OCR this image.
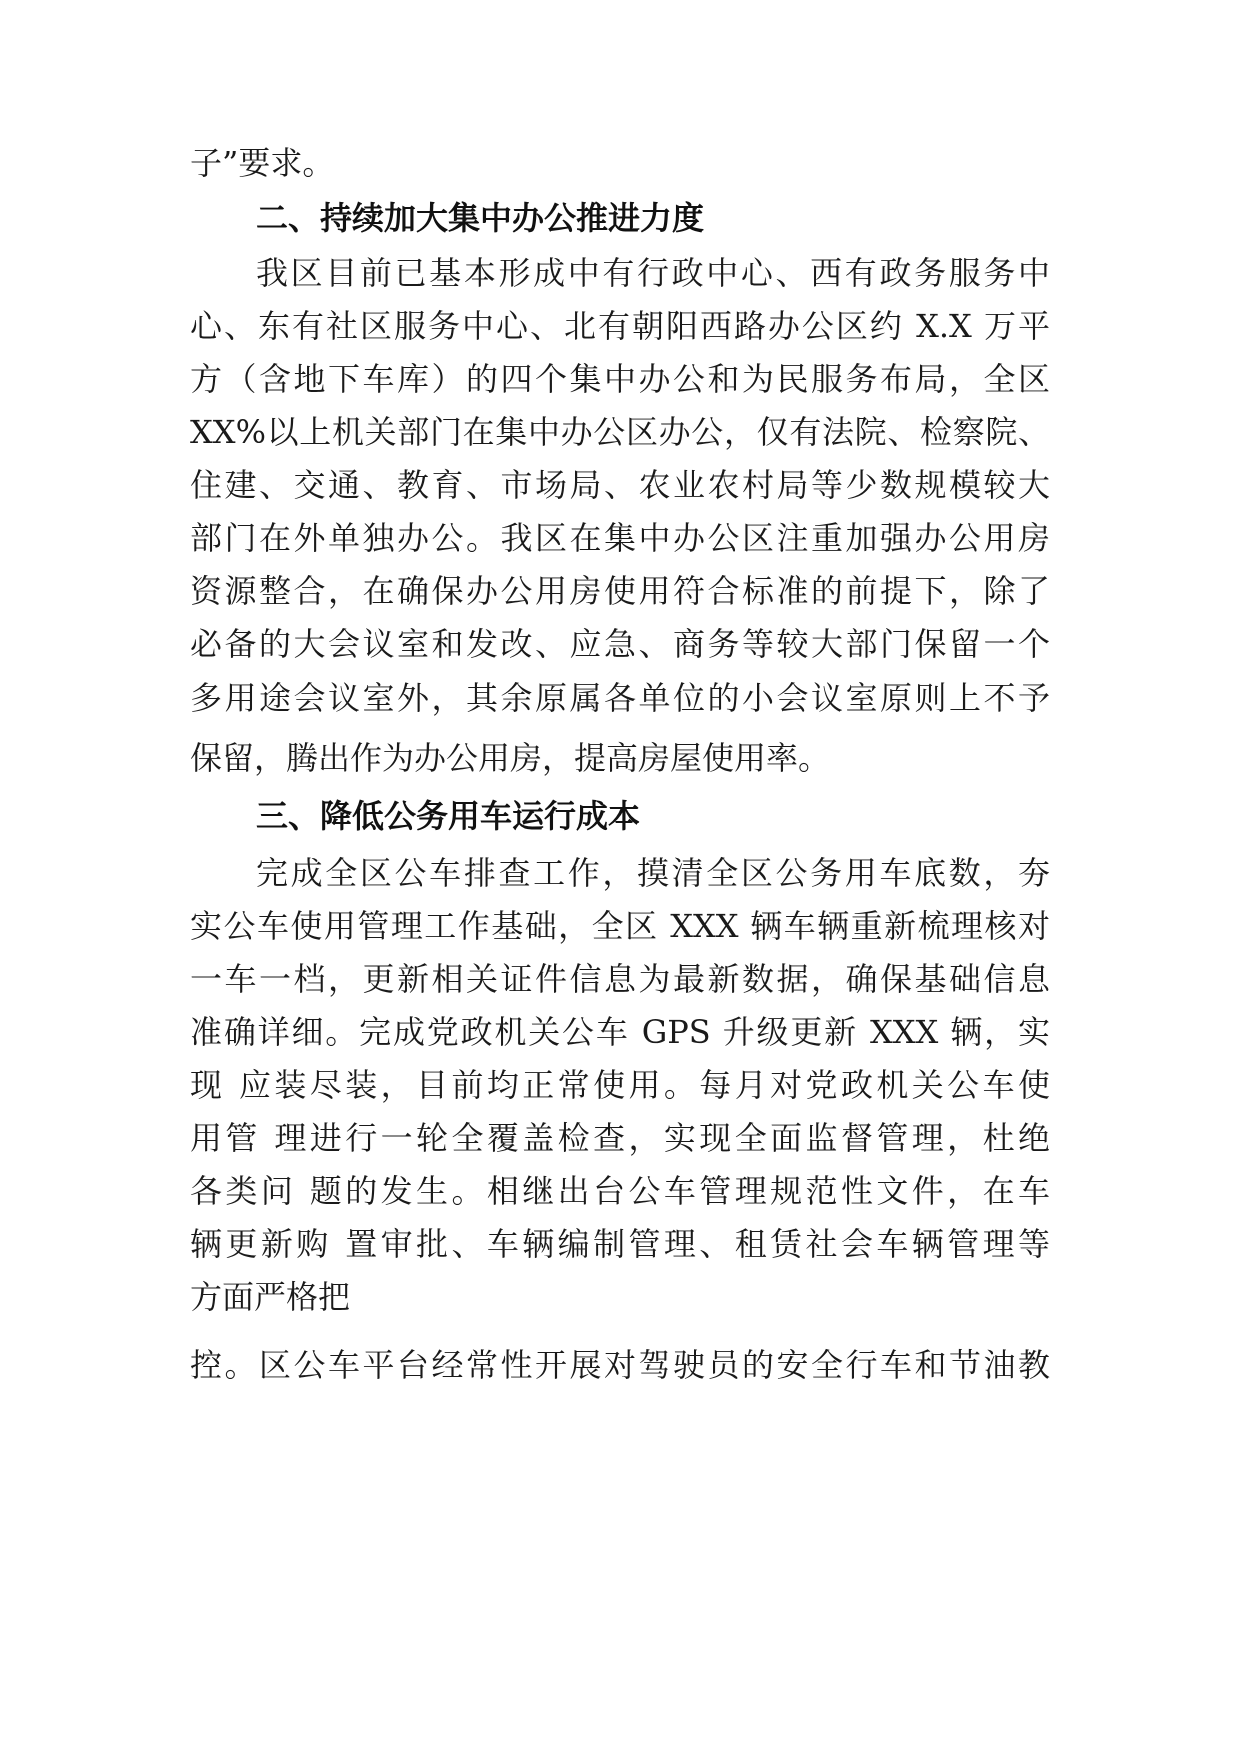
子”要求。
二、持续加大集中办公推进力度
我区目前已基本形成中有行政中心、西有政务服务中
心、东有社区服务中心、北有朝阳西路办公区约 X.X 万平
方（含地下车库）的四个集中办公和为民服务布局，全区
XX%以上机关部门在集中办公区办公，仅有法院、检察院、
住建、交通、教育、市场局、农业农村局等少数规模较大
部门在外单独办公。我区在集中办公区注重加强办公用房
资源整合，在确保办公用房使用符合标准的前提下，除了
必备的大会议室和发改、应急、商务等较大部门保留一个
多用途会议室外，其余原属各单位的小会议室原则上不予
保留，腾出作为办公用房，提高房屋使用率。
三、降低公务用车运行成本
完成全区公车排查工作，摸清全区公务用车底数，夯
实公车使用管理工作基础，全区 XXX 辆车辆重新梳理核对
一车一档，更新相关证件信息为最新数据，确保基础信息
准确详细。完成党政机关公车 GPS 升级更新 XXX 辆，实
现 应装尽装，目前均正常使用。每月对党政机关公车使
用管 理进行一轮全覆盖检查，实现全面监督管理，杜绝
各类问 题的发生。相继出台公车管理规范性文件，在车
辆更新购 置审批、车辆编制管理、租赁社会车辆管理等
方面严格把
控。区公车平台经常性开展对驾驶员的安全行车和节油教
